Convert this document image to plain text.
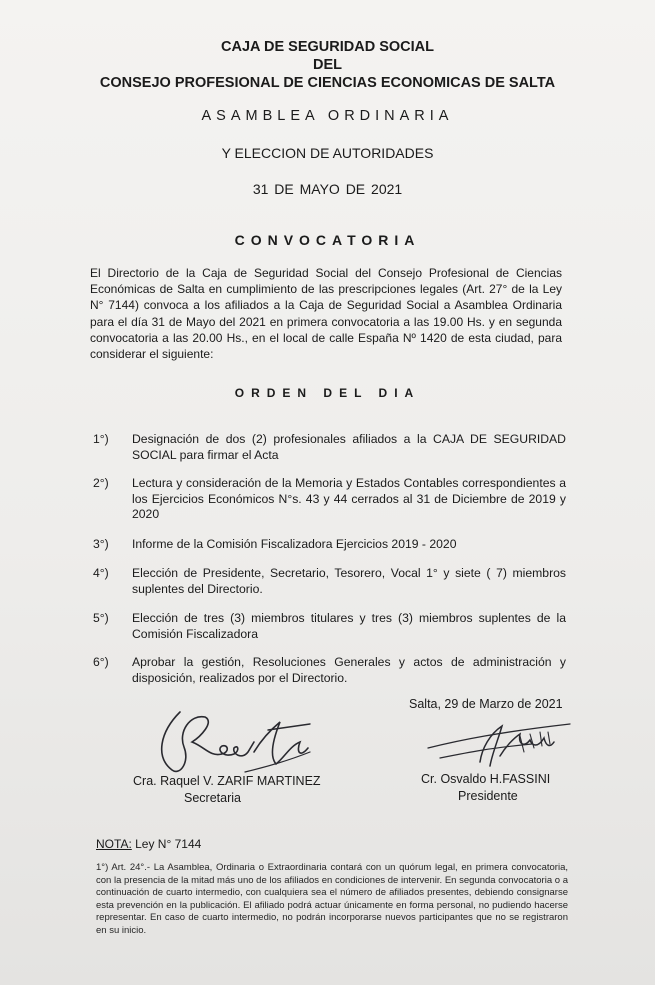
CAJA DE SEGURIDAD SOCIAL
DEL
CONSEJO PROFESIONAL DE CIENCIAS ECONOMICAS DE SALTA
ASAMBLEA ORDINARIA
Y ELECCION DE AUTORIDADES
31 DE MAYO DE 2021
CONVOCATORIA
El Directorio de la Caja de Seguridad Social del Consejo Profesional de Ciencias Económicas de Salta en cumplimiento de las prescripciones legales (Art. 27° de la Ley N° 7144) convoca a los afiliados a la Caja de Seguridad Social a Asamblea Ordinaria para el día 31 de Mayo del 2021 en primera convocatoria a las 19.00 Hs. y en segunda convocatoria a las 20.00 Hs., en el local de calle España Nº 1420 de esta ciudad, para considerar el siguiente:
ORDEN DEL DIA
1°) Designación de dos (2) profesionales afiliados a la CAJA DE SEGURIDAD SOCIAL para firmar el Acta
2°) Lectura y consideración de la Memoria y Estados Contables correspondientes a los Ejercicios Económicos N°s. 43 y 44 cerrados al 31 de Diciembre de 2019 y 2020
3°) Informe de la Comisión Fiscalizadora Ejercicios 2019 - 2020
4°) Elección de Presidente, Secretario, Tesorero, Vocal 1° y siete ( 7) miembros suplentes del Directorio.
5°) Elección de tres (3) miembros titulares y tres (3) miembros suplentes de la Comisión Fiscalizadora
6°) Aprobar la gestión, Resoluciones Generales y actos de administración y disposición, realizados por el Directorio.
Salta, 29 de Marzo de 2021
Cra. Raquel V. ZARIF MARTINEZ
Secretaria
Cr. Osvaldo H.FASSINI
Presidente
NOTA: Ley N° 7144
1°) Art. 24°.- La Asamblea, Ordinaria o Extraordinaria contará con un quórum legal, en primera convocatoria, con la presencia de la mitad más uno de los afiliados en condiciones de intervenir. En segunda convocatoria o a continuación de cuarto intermedio, con cualquiera sea el número de afiliados presentes, debiendo consignarse esta prevención en la publicación. El afiliado podrá actuar únicamente en forma personal, no pudiendo hacerse representar. En caso de cuarto intermedio, no podrán incorporarse nuevos participantes que no se registraron en su inicio.
